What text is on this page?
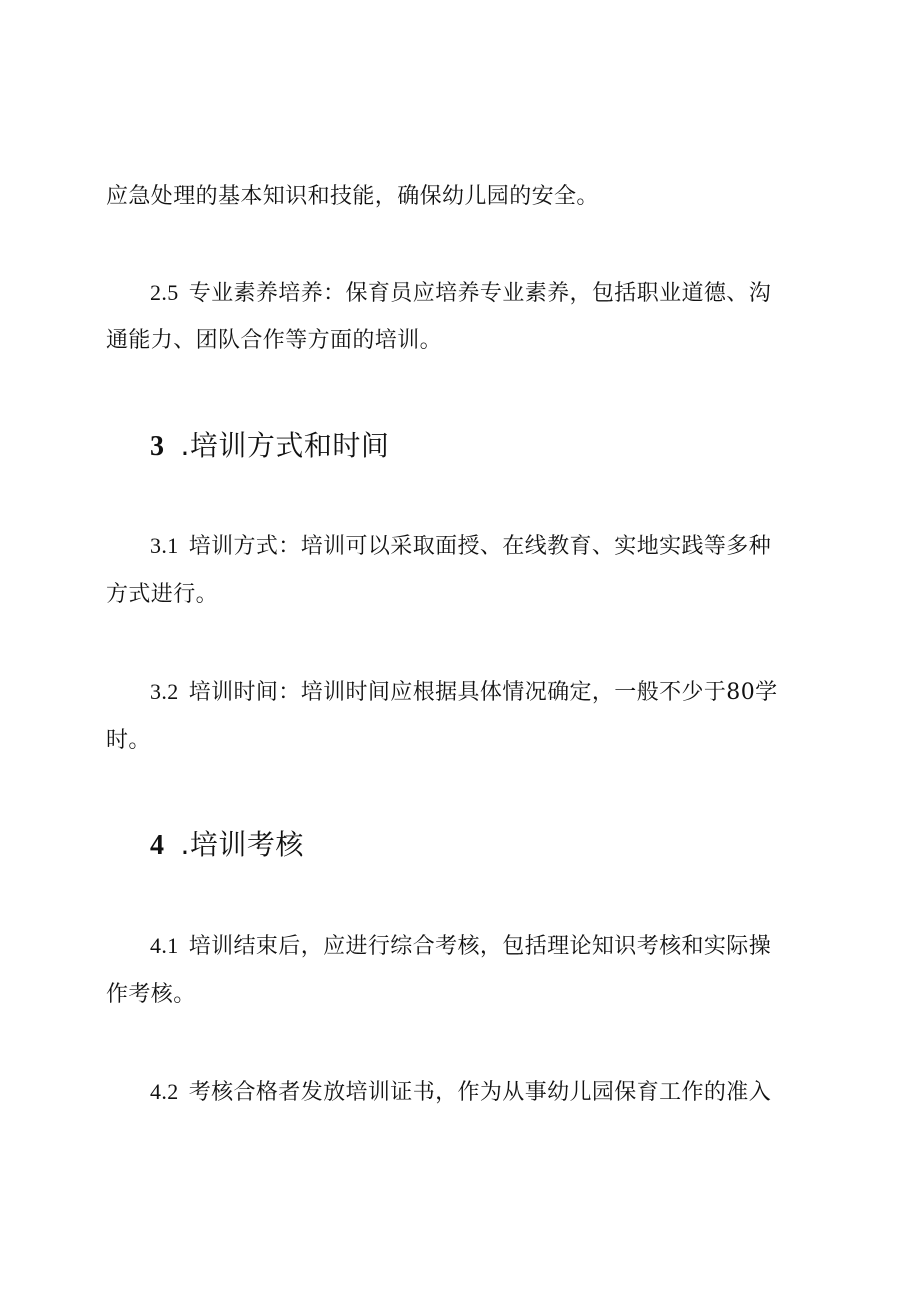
应急处理的基本知识和技能，确保幼儿园的安全。
2.5 专业素养培养：保育员应培养专业素养，包括职业道德、沟
通能力、团队合作等方面的培训。
3 .培训方式和时间
3.1 培训方式：培训可以采取面授、在线教育、实地实践等多种
方式进行。
3.2 培训时间：培训时间应根据具体情况确定，一般不少于80学
时。
4 .培训考核
4.1 培训结束后，应进行综合考核，包括理论知识考核和实际操
作考核。
4.2 考核合格者发放培训证书，作为从事幼儿园保育工作的准入
